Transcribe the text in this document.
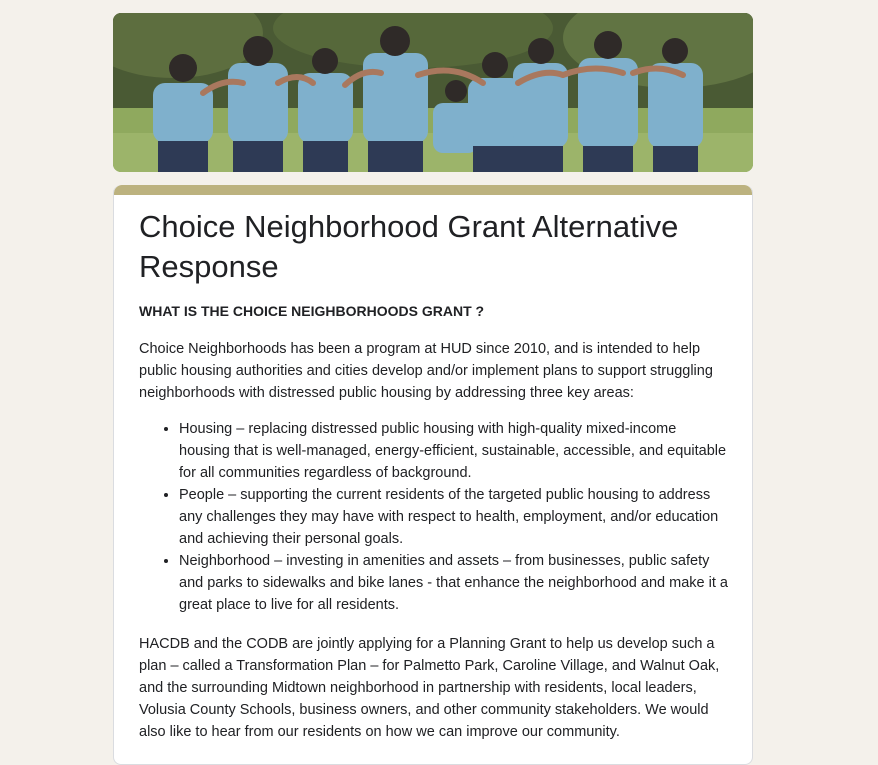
Choice Neighborhood Grant Alternative Response

WHAT IS THE CHOICE NEIGHBORHOODS GRANT ?

Choice Neighborhoods has been a program at HUD since 2010, and is intended to help public housing authorities and cities develop and/or implement plans to support struggling neighborhoods with distressed public housing by addressing three key areas:

• Housing – replacing distressed public housing with high-quality mixed-income housing that is well-managed, energy-efficient, sustainable, accessible, and equitable for all communities regardless of background.
• People – supporting the current residents of the targeted public housing to address any challenges they may have with respect to health, employment, and/or education and achieving their personal goals.
• Neighborhood – investing in amenities and assets – from businesses, public safety and parks to sidewalks and bike lanes - that enhance the neighborhood and make it a great place to live for all residents.

HACDB and the CODB are jointly applying for a Planning Grant to help us develop such a plan – called a Transformation Plan – for Palmetto Park, Caroline Village, and Walnut Oak, and the surrounding Midtown neighborhood in partnership with residents, local leaders, Volusia County Schools, business owners, and other community stakeholders. We would also like to hear from our residents on how we can improve our community.
